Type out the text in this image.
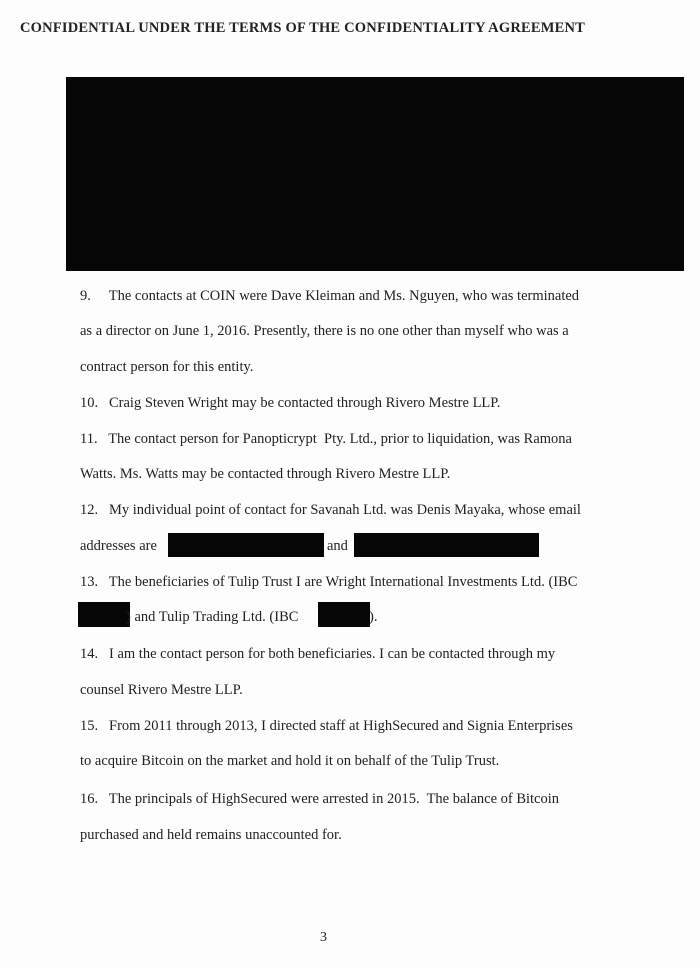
CONFIDENTIAL UNDER THE TERMS OF THE CONFIDENTIALITY AGREEMENT
9.     The contacts at COIN were Dave Kleiman and Ms. Nguyen, who was terminated
as a director on June 1, 2016. Presently, there is no one other than myself who was a
contract person for this entity.
10.   Craig Steven Wright may be contacted through Rivero Mestre LLP.
11.   The contact person for Panopticrypt  Pty. Ltd., prior to liquidation, was Ramona
Watts. Ms. Watts may be contacted through Rivero Mestre LLP.
12.   My individual point of contact for Savanah Ltd. was Denis Mayaka, whose email
addresses are	and
13.   The beneficiaries of Tulip Trust I are Wright International Investments Ltd. (IBC
) and Tulip Trading Ltd. (IBC	).
14.   I am the contact person for both beneficiaries. I can be contacted through my
counsel Rivero Mestre LLP.
15.   From 2011 through 2013, I directed staff at HighSecured and Signia Enterprises
to acquire Bitcoin on the market and hold it on behalf of the Tulip Trust.
16.   The principals of HighSecured were arrested in 2015.  The balance of Bitcoin
purchased and held remains unaccounted for.
3
